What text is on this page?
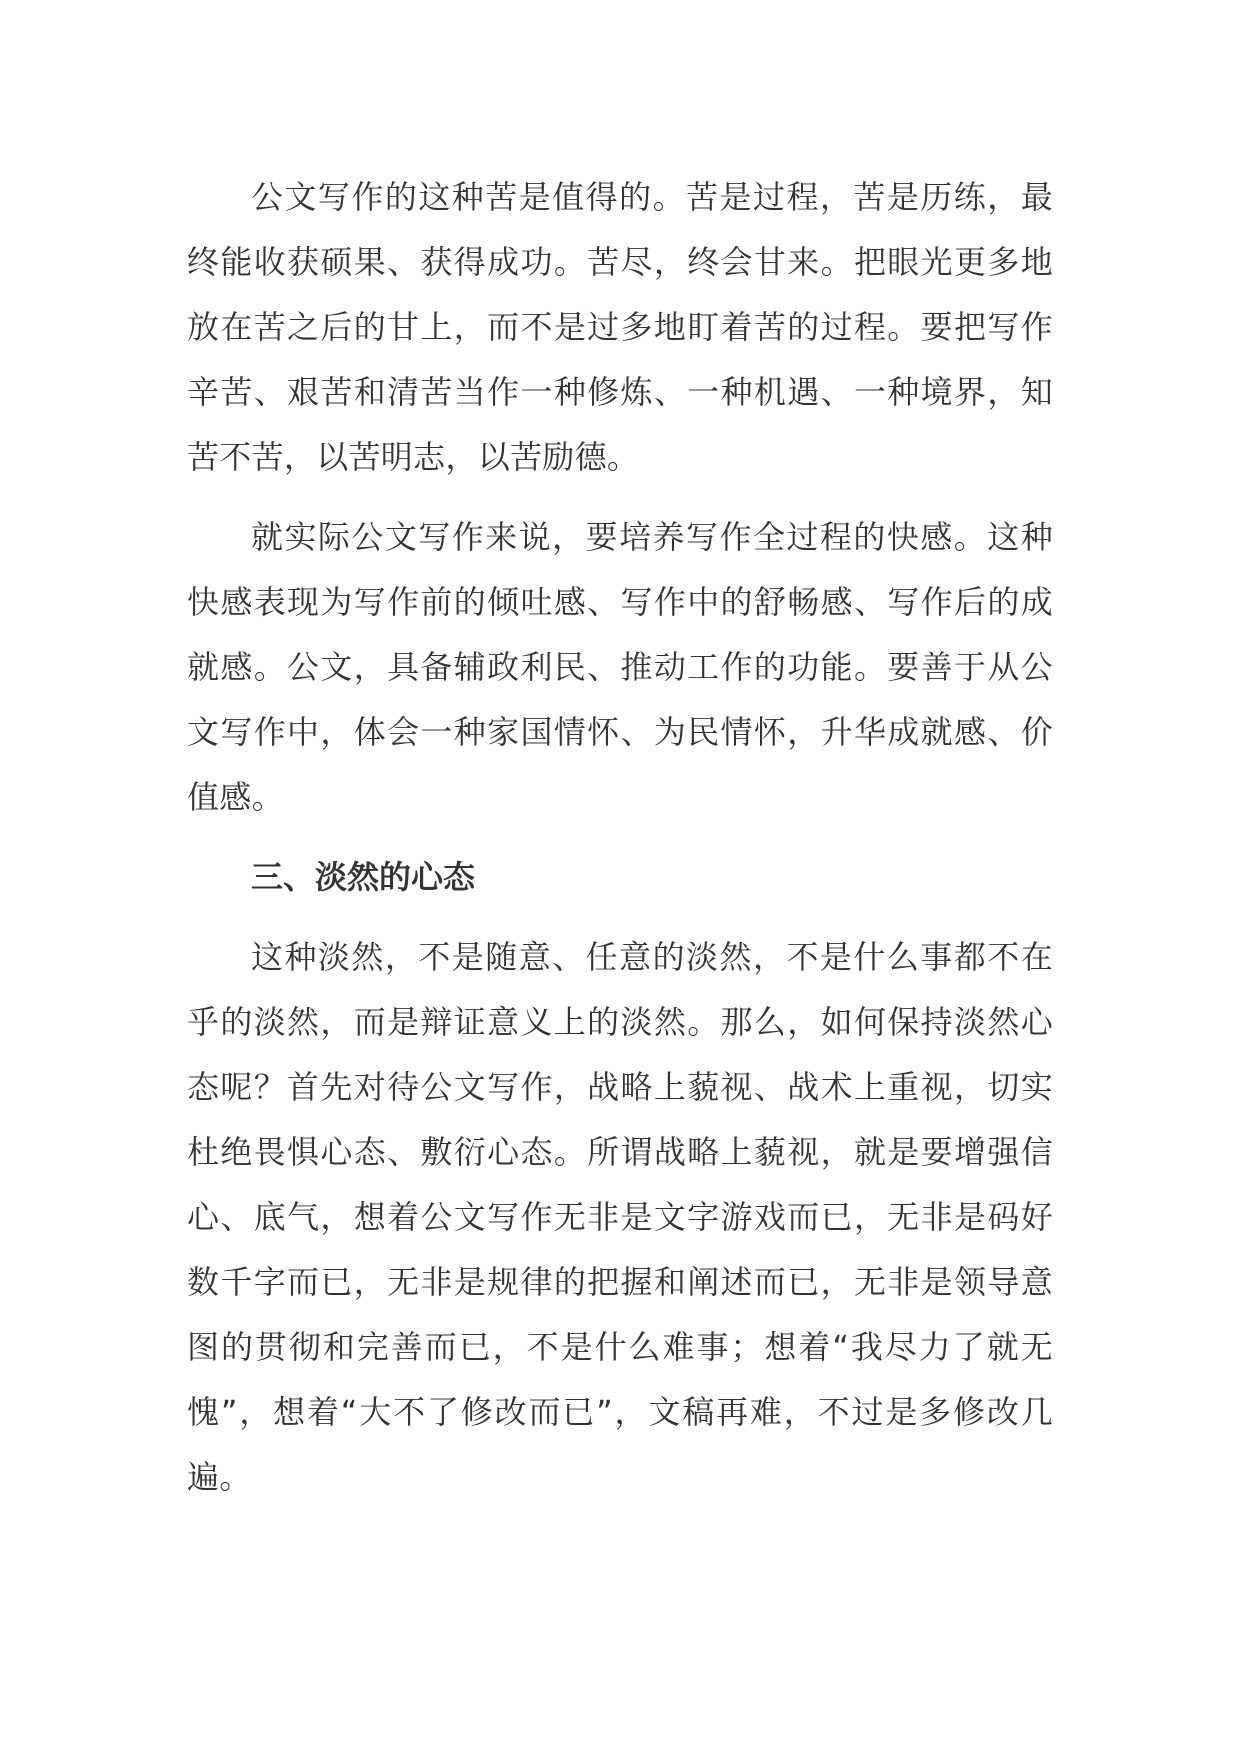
公文写作的这种苦是值得的。苦是过程，苦是历练，最终能收获硕果、获得成功。苦尽，终会甘来。把眼光更多地放在苦之后的甘上，而不是过多地盯着苦的过程。要把写作辛苦、艰苦和清苦当作一种修炼、一种机遇、一种境界，知苦不苦，以苦明志，以苦励德。

就实际公文写作来说，要培养写作全过程的快感。这种快感表现为写作前的倾吐感、写作中的舒畅感、写作后的成就感。公文，具备辅政利民、推动工作的功能。要善于从公文写作中，体会一种家国情怀、为民情怀，升华成就感、价值感。

三、淡然的心态

这种淡然，不是随意、任意的淡然，不是什么事都不在乎的淡然，而是辩证意义上的淡然。那么，如何保持淡然心态呢？首先对待公文写作，战略上藐视、战术上重视，切实杜绝畏惧心态、敷衍心态。所谓战略上藐视，就是要增强信心、底气，想着公文写作无非是文字游戏而已，无非是码好数千字而已，无非是规律的把握和阐述而已，无非是领导意图的贯彻和完善而已，不是什么难事；想着“我尽力了就无愧”，想着“大不了修改而已”，文稿再难，不过是多修改几遍。
